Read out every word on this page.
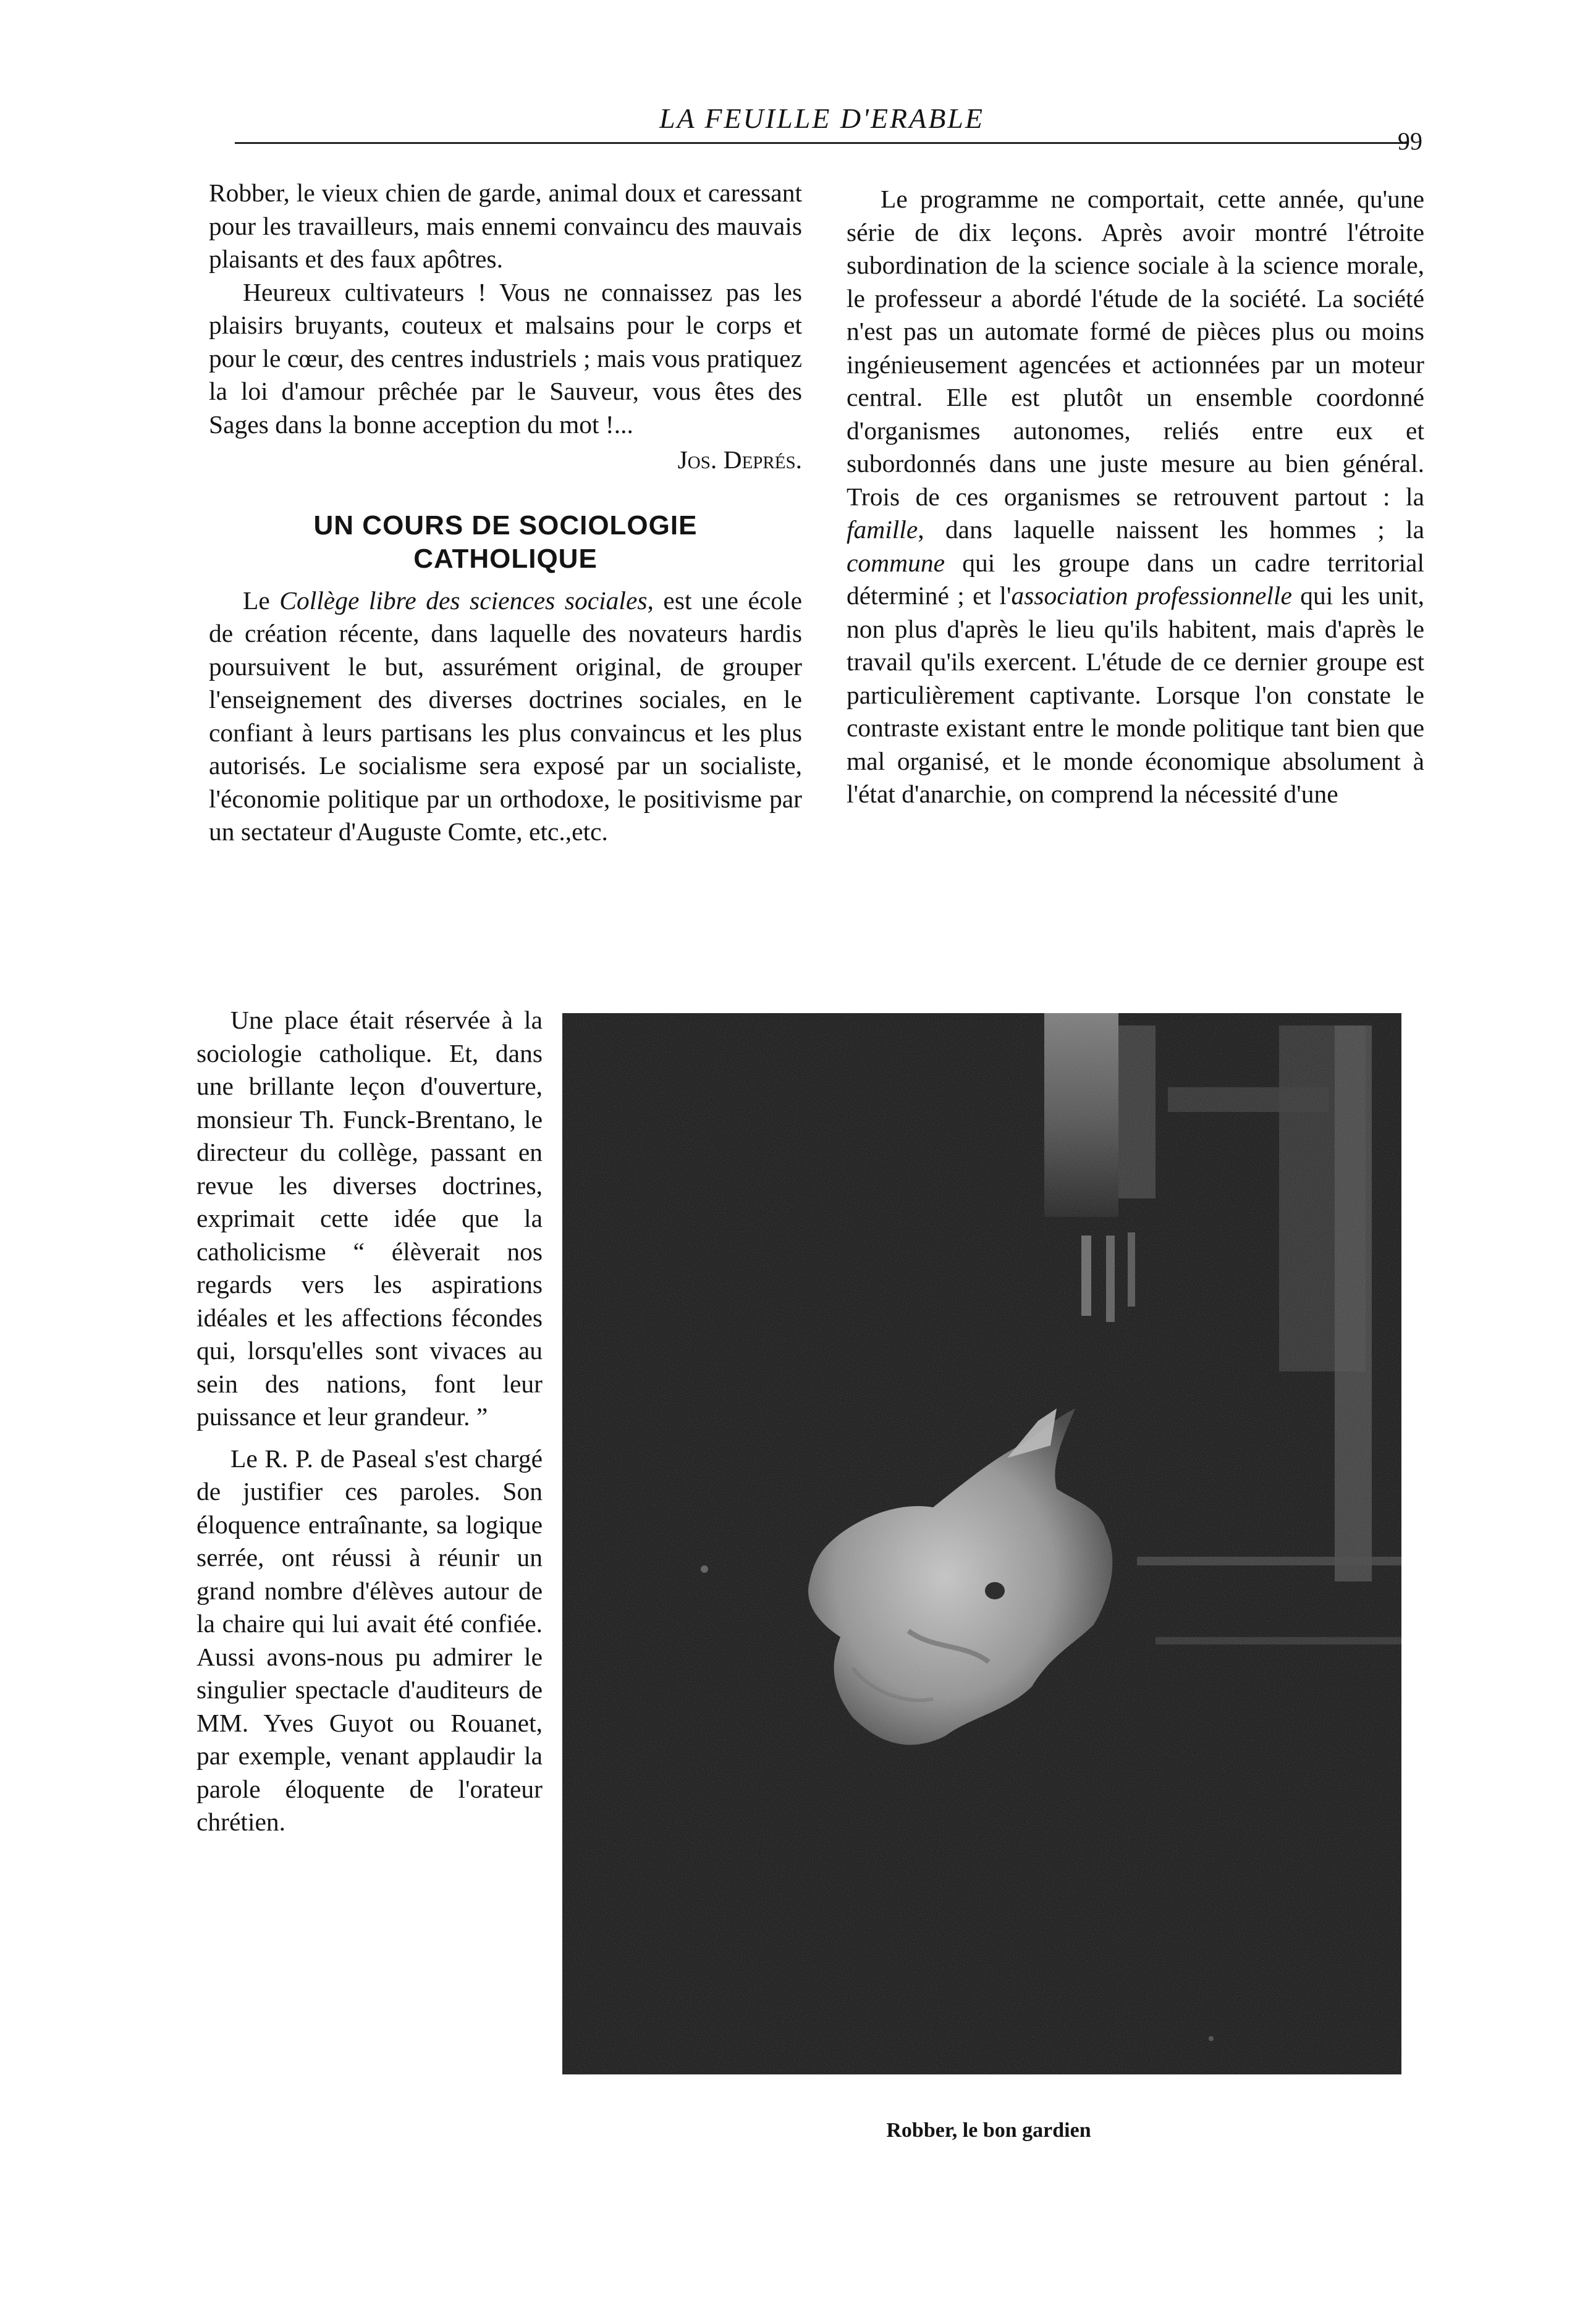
LA FEUILLE D'ERABLE
99

Robber, le vieux chien de garde, animal doux et caressant pour les travailleurs, mais ennemi convaincu des mauvais plaisants et des faux apôtres.

Heureux cultivateurs ! Vous ne connaissez pas les plaisirs bruyants, couteux et malsains pour le corps et pour le cœur, des centres industriels ; mais vous pratiquez la loi d'amour prêchée par le Sauveur, vous êtes des Sages dans la bonne acception du mot !...

Jos. Deprés.

UN COURS DE SOCIOLOGIE
CATHOLIQUE

Le Collège libre des sciences sociales, est une école de création récente, dans laquelle des novateurs hardis poursuivent le but, assurément original, de grouper l'enseignement des diverses doctrines sociales, en le confiant à leurs partisans les plus convaincus et les plus autorisés. Le socialisme sera exposé par un socialiste, l'économie politique par un orthodoxe, le positivisme par un sectateur d'Auguste Comte, etc.,etc.

Une place était réservée à la sociologie catholique. Et, dans une brillante leçon d'ouverture, monsieur Th. Funck-Brentano, le directeur du collège, passant en revue les diverses doctrines, exprimait cette idée que la catholicisme “ élèverait nos regards vers les aspirations idéales et les affections fécondes qui, lorsqu'elles sont vivaces au sein des nations, font leur puissance et leur grandeur. ”

Le R. P. de Paseal s'est chargé de justifier ces paroles. Son éloquence entraînante, sa logique serrée, ont réussi à réunir un grand nombre d'élèves autour de la chaire qui lui avait été confiée. Aussi avons-nous pu admirer le singulier spectacle d'auditeurs de MM. Yves Guyot ou Rouanet, par exemple, venant applaudir la parole éloquente de l'orateur chrétien.

Le programme ne comportait, cette année, qu'une série de dix leçons. Après avoir montré l'étroite subordination de la science sociale à la science morale, le professeur a abordé l'étude de la société. La société n'est pas un automate formé de pièces plus ou moins ingénieusement agencées et actionnées par un moteur central. Elle est plutôt un ensemble coordonné d'organismes autonomes, reliés entre eux et subordonnés dans une juste mesure au bien général. Trois de ces organismes se retrouvent partout : la famille, dans laquelle naissent les hommes ; la commune qui les groupe dans un cadre territorial déterminé ; et l'association professionnelle qui les unit, non plus d'après le lieu qu'ils habitent, mais d'après le travail qu'ils exercent. L'étude de ce dernier groupe est particulièrement captivante. Lorsque l'on constate le contraste existant entre le monde politique tant bien que mal organisé, et le monde économique absolument à l'état d'anarchie, on comprend la nécessité d'une

Robber, le bon gardien
